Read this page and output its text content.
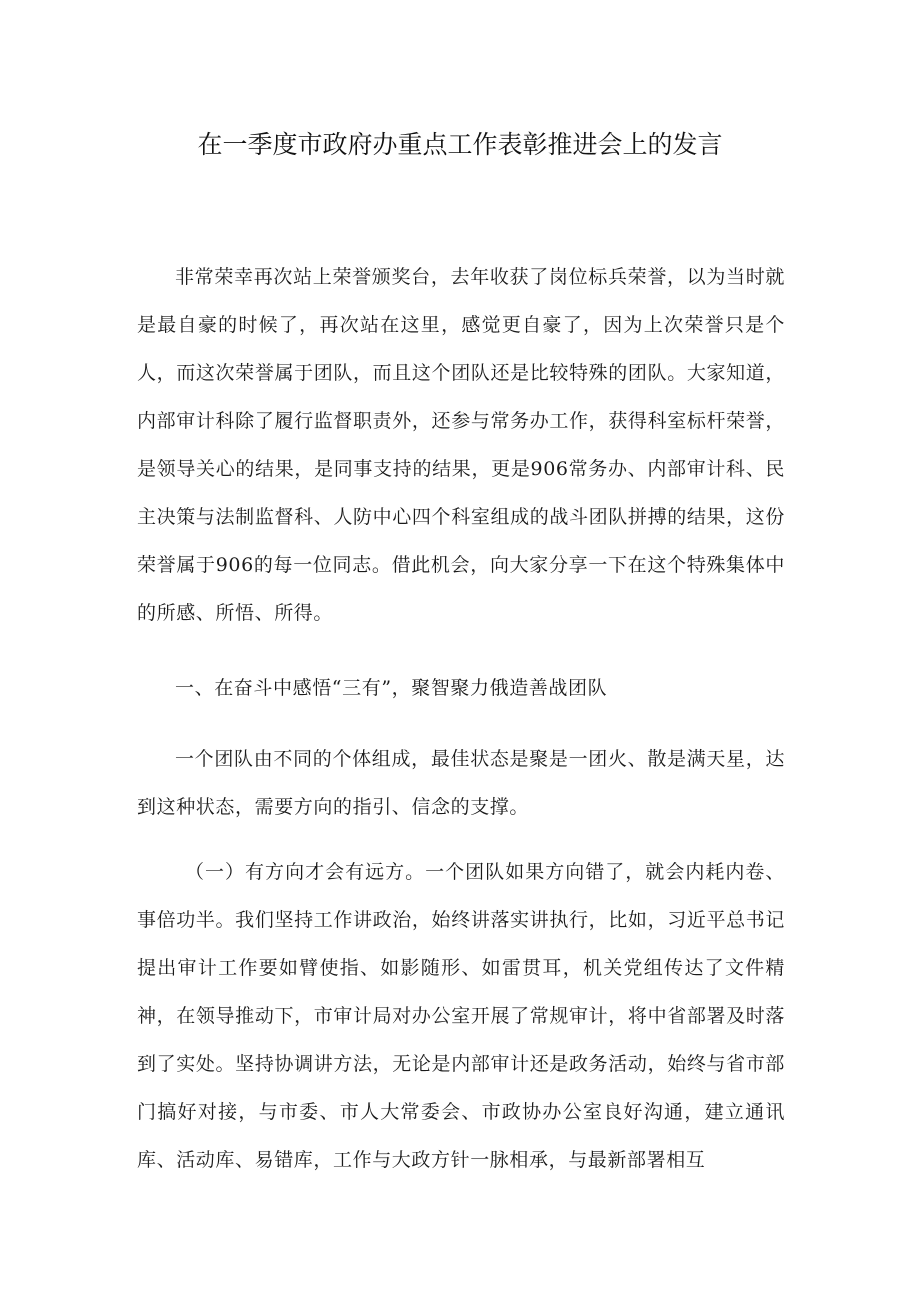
在一季度市政府办重点工作表彰推进会上的发言

非常荣幸再次站上荣誉颁奖台，去年收获了岗位标兵荣誉，以为当时就是最自豪的时候了，再次站在这里，感觉更自豪了，因为上次荣誉只是个人，而这次荣誉属于团队，而且这个团队还是比较特殊的团队。大家知道，内部审计科除了履行监督职责外，还参与常务办工作，获得科室标杆荣誉，是领导关心的结果，是同事支持的结果，更是906常务办、内部审计科、民主决策与法制监督科、人防中心四个科室组成的战斗团队拼搏的结果，这份荣誉属于906的每一位同志。借此机会，向大家分享一下在这个特殊集体中的所感、所悟、所得。

一、在奋斗中感悟“三有”，聚智聚力俄造善战团队

一个团队由不同的个体组成，最佳状态是聚是一团火、散是满天星，达到这种状态，需要方向的指引、信念的支撑。

（一）有方向才会有远方。一个团队如果方向错了，就会内耗内卷、事倍功半。我们坚持工作讲政治，始终讲落实讲执行，比如，习近平总书记提出审计工作要如臂使指、如影随形、如雷贯耳，机关党组传达了文件精神，在领导推动下，市审计局对办公室开展了常规审计，将中省部署及时落到了实处。坚持协调讲方法，无论是内部审计还是政务活动，始终与省市部门搞好对接，与市委、市人大常委会、市政协办公室良好沟通，建立通讯库、活动库、易错库，工作与大政方针一脉相承，与最新部署相互
